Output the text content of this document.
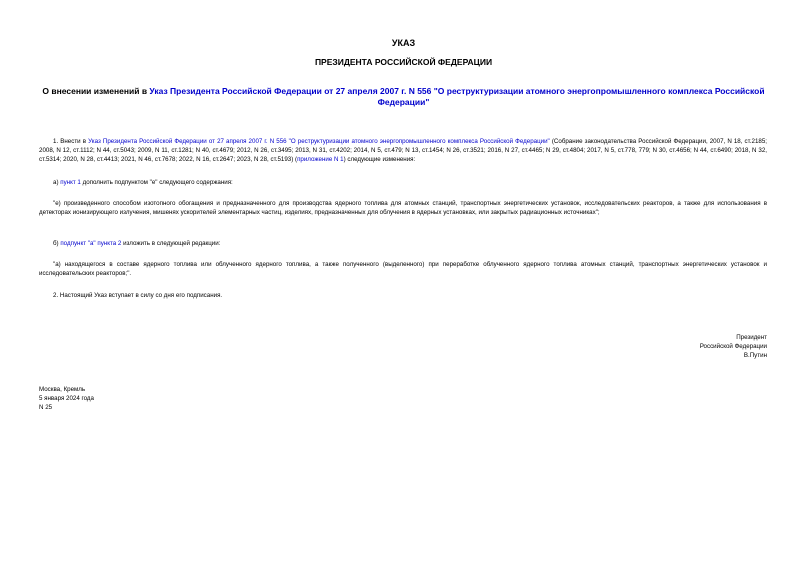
УКАЗ
ПРЕЗИДЕНТА РОССИЙСКОЙ ФЕДЕРАЦИИ
О внесении изменений в Указ Президента Российской Федерации от 27 апреля 2007 г. N 556 "О реструктуризации атомного энергопромышленного комплекса Российской Федерации"
1. Внести в Указ Президента Российской Федерации от 27 апреля 2007 г. N 556 "О реструктуризации атомного энергопромышленного комплекса Российской Федерации" (Собрание законодательства Российской Федерации, 2007, N 18, ст.2185; 2008, N 12, ст.1112; N 44, ст.5043; 2009, N 11, ст.1281; N 40, ст.4679; 2012, N 26, ст.3495; 2013, N 31, ст.4202; 2014, N 5, ст.479; N 13, ст.1454; N 26, ст.3521; 2016, N 27, ст.4465; N 29, ст.4804; 2017, N 5, ст.778, 779; N 30, ст.4656; N 44, ст.6490; 2018, N 32, ст.5314; 2020, N 28, ст.4413; 2021, N 46, ст.7678; 2022, N 16, ст.2647; 2023, N 28, ст.5193) (приложение N 1) следующие изменения:
а) пункт 1 дополнить подпунктом "е" следующего содержания:
"е) произведенного способом изотопного обогащения и предназначенного для производства ядерного топлива для атомных станций, транспортных энергетических установок, исследовательских реакторов, а также для использования в детекторах ионизирующего излучения, мишенях ускорителей элементарных частиц, изделиях, предназначенных для облучения в ядерных установках, или закрытых радиационных источниках";
б) подпункт "а" пункта 2 изложить в следующей редакции:
"а) находящегося в составе ядерного топлива или облученного ядерного топлива, а также полученного (выделенного) при переработке облученного ядерного топлива атомных станций, транспортных энергетических установок и исследовательских реакторов;".
2. Настоящий Указ вступает в силу со дня его подписания.
Президент
Российской Федерации
В.Путин
Москва, Кремль
5 января 2024 года
N 25
